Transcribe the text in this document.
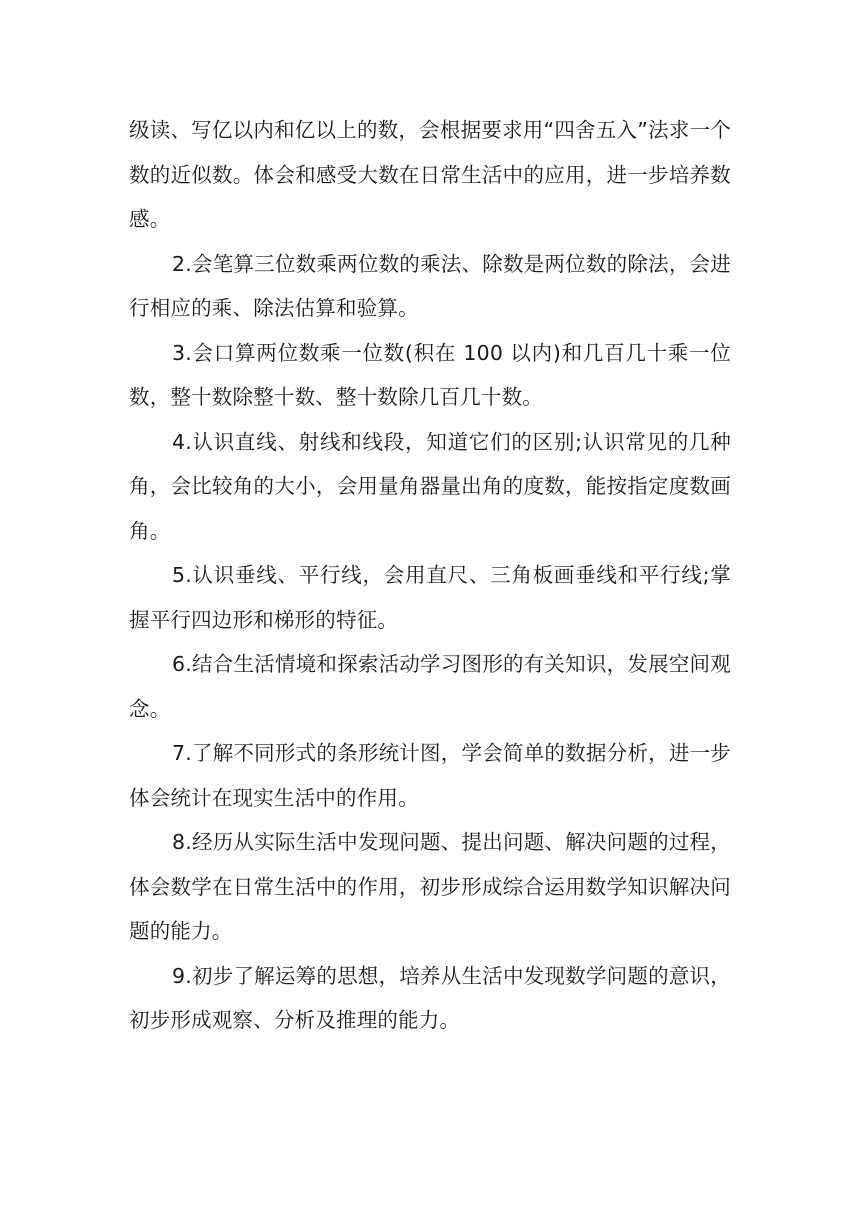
级读、写亿以内和亿以上的数，会根据要求用“四舍五入”法求一个数的近似数。体会和感受大数在日常生活中的应用，进一步培养数感。

2.会笔算三位数乘两位数的乘法、除数是两位数的除法，会进行相应的乘、除法估算和验算。

3.会口算两位数乘一位数(积在 100 以内)和几百几十乘一位数，整十数除整十数、整十数除几百几十数。

4.认识直线、射线和线段，知道它们的区别;认识常见的几种角，会比较角的大小，会用量角器量出角的度数，能按指定度数画角。

5.认识垂线、平行线，会用直尺、三角板画垂线和平行线;掌握平行四边形和梯形的特征。

6.结合生活情境和探索活动学习图形的有关知识，发展空间观念。

7.了解不同形式的条形统计图，学会简单的数据分析，进一步体会统计在现实生活中的作用。

8.经历从实际生活中发现问题、提出问题、解决问题的过程，体会数学在日常生活中的作用，初步形成综合运用数学知识解决问题的能力。

9.初步了解运筹的思想，培养从生活中发现数学问题的意识，初步形成观察、分析及推理的能力。
